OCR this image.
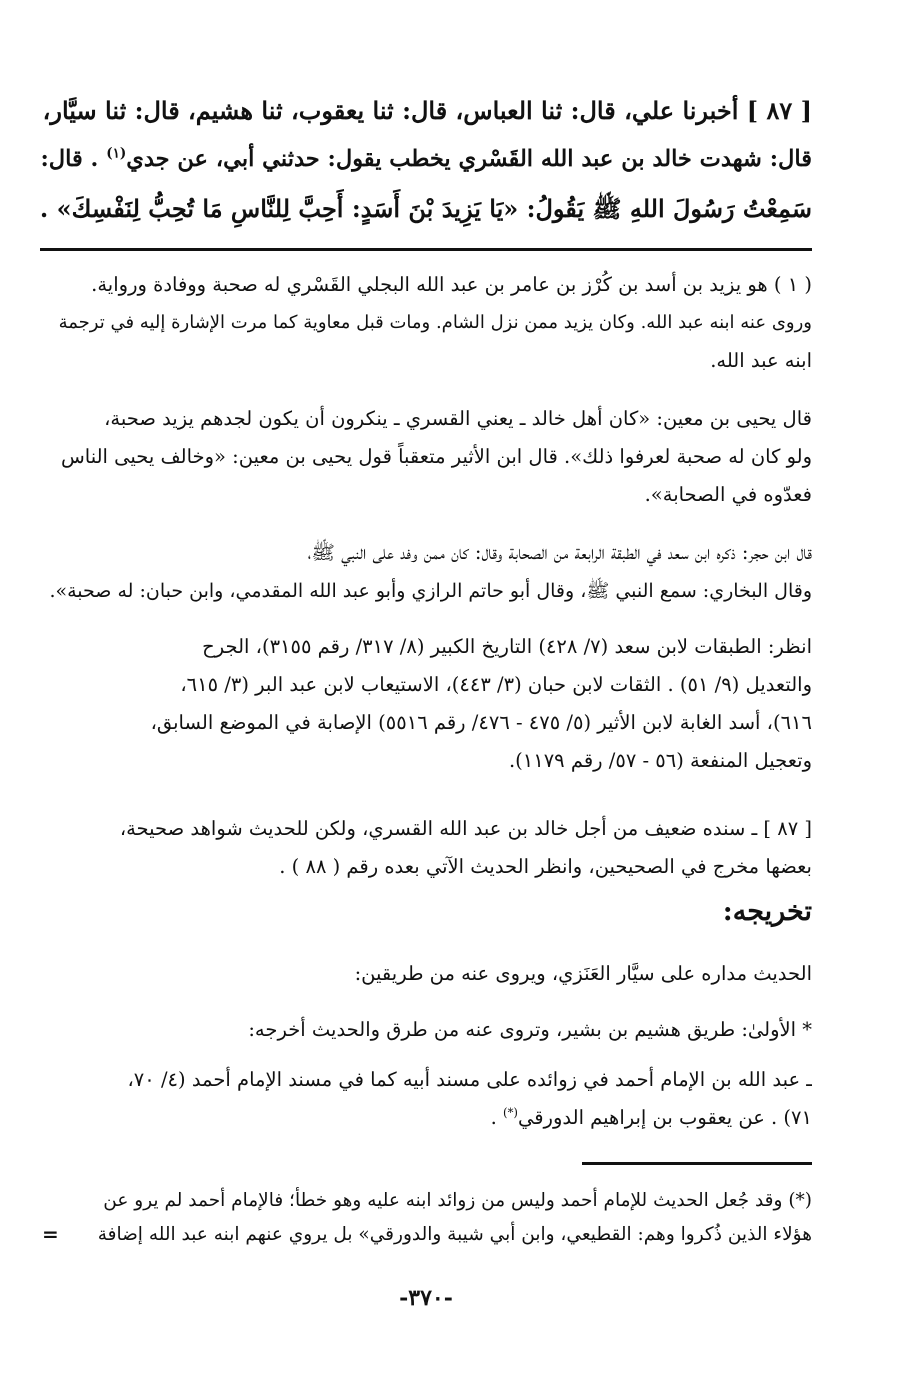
[ ٨٧ ] أخبرنا علي، قال: ثنا العباس، قال: ثنا يعقوب، ثنا هشيم، قال: ثنا سيَّار،
قال: شهدت خالد بن عبد الله القَسْري يخطب يقول: حدثني أبي، عن جدي$^{(١)}$ . قال:
سَمِعْتُ رَسُولَ اللهِ ﷺ يَقُولُ: «يَا يَزِيدَ بْنَ أَسَدٍ: أَحِبَّ لِلنَّاسِ مَا تُحِبُّ لِنَفْسِكَ» .
( ١ ) هو يزيد بن أسد بن كُرْز بن عامر بن عبد الله البجلي القَسْري له صحبة ووفادة ورواية.
وروى عنه ابنه عبد الله. وكان يزيد ممن نزل الشام. ومات قبل معاوية كما مرت الإشارة إليه في ترجمة
ابنه عبد الله.
قال يحيى بن معين: «كان أهل خالد ـ يعني القسري ـ ينكرون أن يكون لجدهم يزيد صحبة،
ولو كان له صحبة لعرفوا ذلك». قال ابن الأثير متعقباً قول يحيى بن معين: «وخالف يحيى الناس
فعدّوه في الصحابة».
قال ابن حجر: ذكره ابن سعد في الطبقة الرابعة من الصحابة وقال: كان ممن وفد على النبي ﷺ،
وقال البخاري: سمع النبي ﷺ، وقال أبو حاتم الرازي وأبو عبد الله المقدمي، وابن حبان: له صحبة».
انظر: الطبقات لابن سعد (٧/ ٤٢٨) التاريخ الكبير (٨/ ٣١٧/ رقم ٣١٥٥)، الجرح
والتعديل (٩/ ٥١) . الثقات لابن حبان (٣/ ٤٤٣)، الاستيعاب لابن عبد البر (٣/ ٦١٥،
٦١٦)، أسد الغابة لابن الأثير (٥/ ٤٧٥ - ٤٧٦/ رقم ٥٥١٦) الإصابة في الموضع السابق،
وتعجيل المنفعة (٥٦ - ٥٧/ رقم ١١٧٩).
[ ٨٧ ] ـ سنده ضعيف من أجل خالد بن عبد الله القسري، ولكن للحديث شواهد صحيحة،
بعضها مخرج في الصحيحين، وانظر الحديث الآتي بعده رقم ( ٨٨ ) .
تخريجه:
الحديث مداره على سيَّار العَنَزي، ويروى عنه من طريقين:
* الأولىٰ: طريق هشيم بن بشير، وتروى عنه من طرق والحديث أخرجه:
ـ عبد الله بن الإمام أحمد في زوائده على مسند أبيه كما في مسند الإمام أحمد (٤/ ٧٠،
٧١) . عن يعقوب بن إبراهيم الدورقي(*) .
(*) وقد جُعل الحديث للإمام أحمد وليس من زوائد ابنه عليه وهو خطأ؛ فالإمام أحمد لم يرو عن
هؤلاء الذين ذُكروا وهم: القطيعي، وابن أبي شيبة والدورقي» بل يروي عنهم ابنه عبد الله إضافة
=
-٣٧٠-
